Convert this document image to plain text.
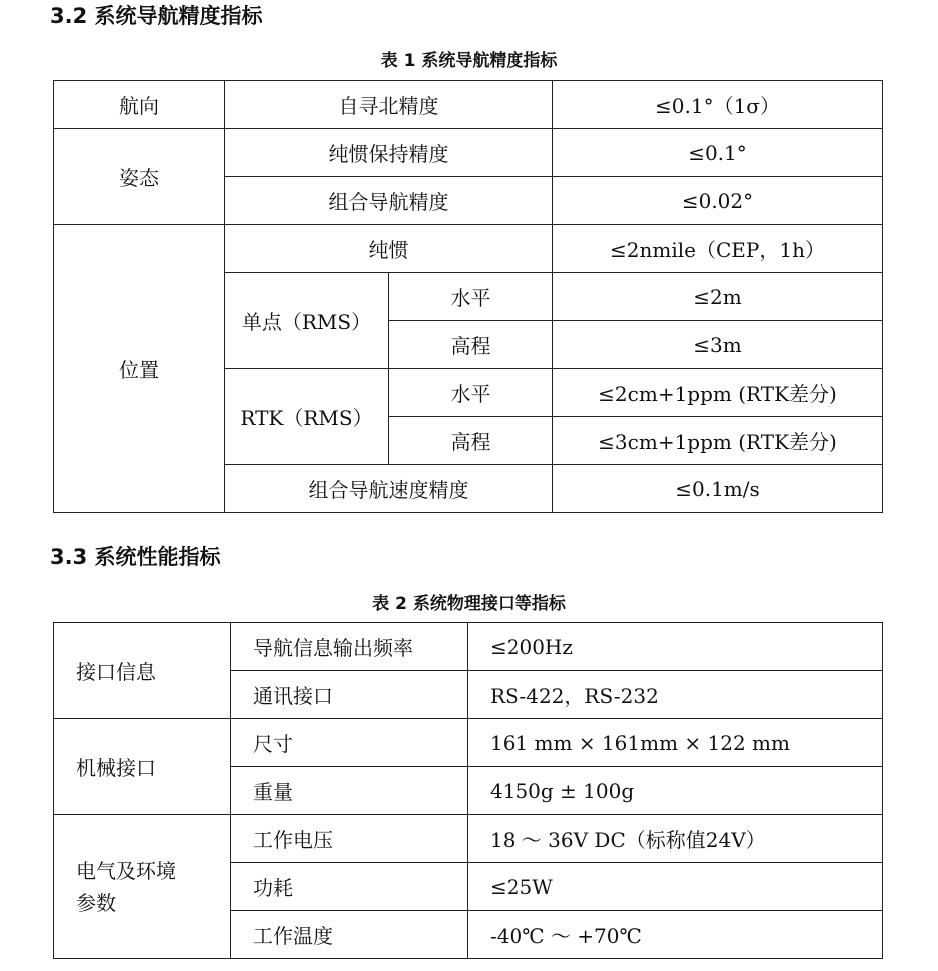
3.2 系统导航精度指标
表 1 系统导航精度指标
航向	自寻北精度		≤0.1°（1σ）
姿态	纯惯保持精度		≤0.1°
	组合导航精度		≤0.02°
位置	纯惯		≤2nmile（CEP，1h）
	单点（RMS）	水平	≤2m
		高程	≤3m
	RTK（RMS）	水平	≤2cm+1ppm (RTK差分)
		高程	≤3cm+1ppm (RTK差分)
	组合导航速度精度		≤0.1m/s
3.3 系统性能指标
表 2 系统物理接口等指标
接口信息	导航信息输出频率	≤200Hz
	通讯接口	RS-422，RS-232
机械接口	尺寸	161 mm × 161mm × 122 mm
	重量	4150g ± 100g

电气及环境
参数	工作电压	18 ～ 36V DC（标称值24V）
	功耗	≤25W
	工作温度	-40℃ ～ +70℃
